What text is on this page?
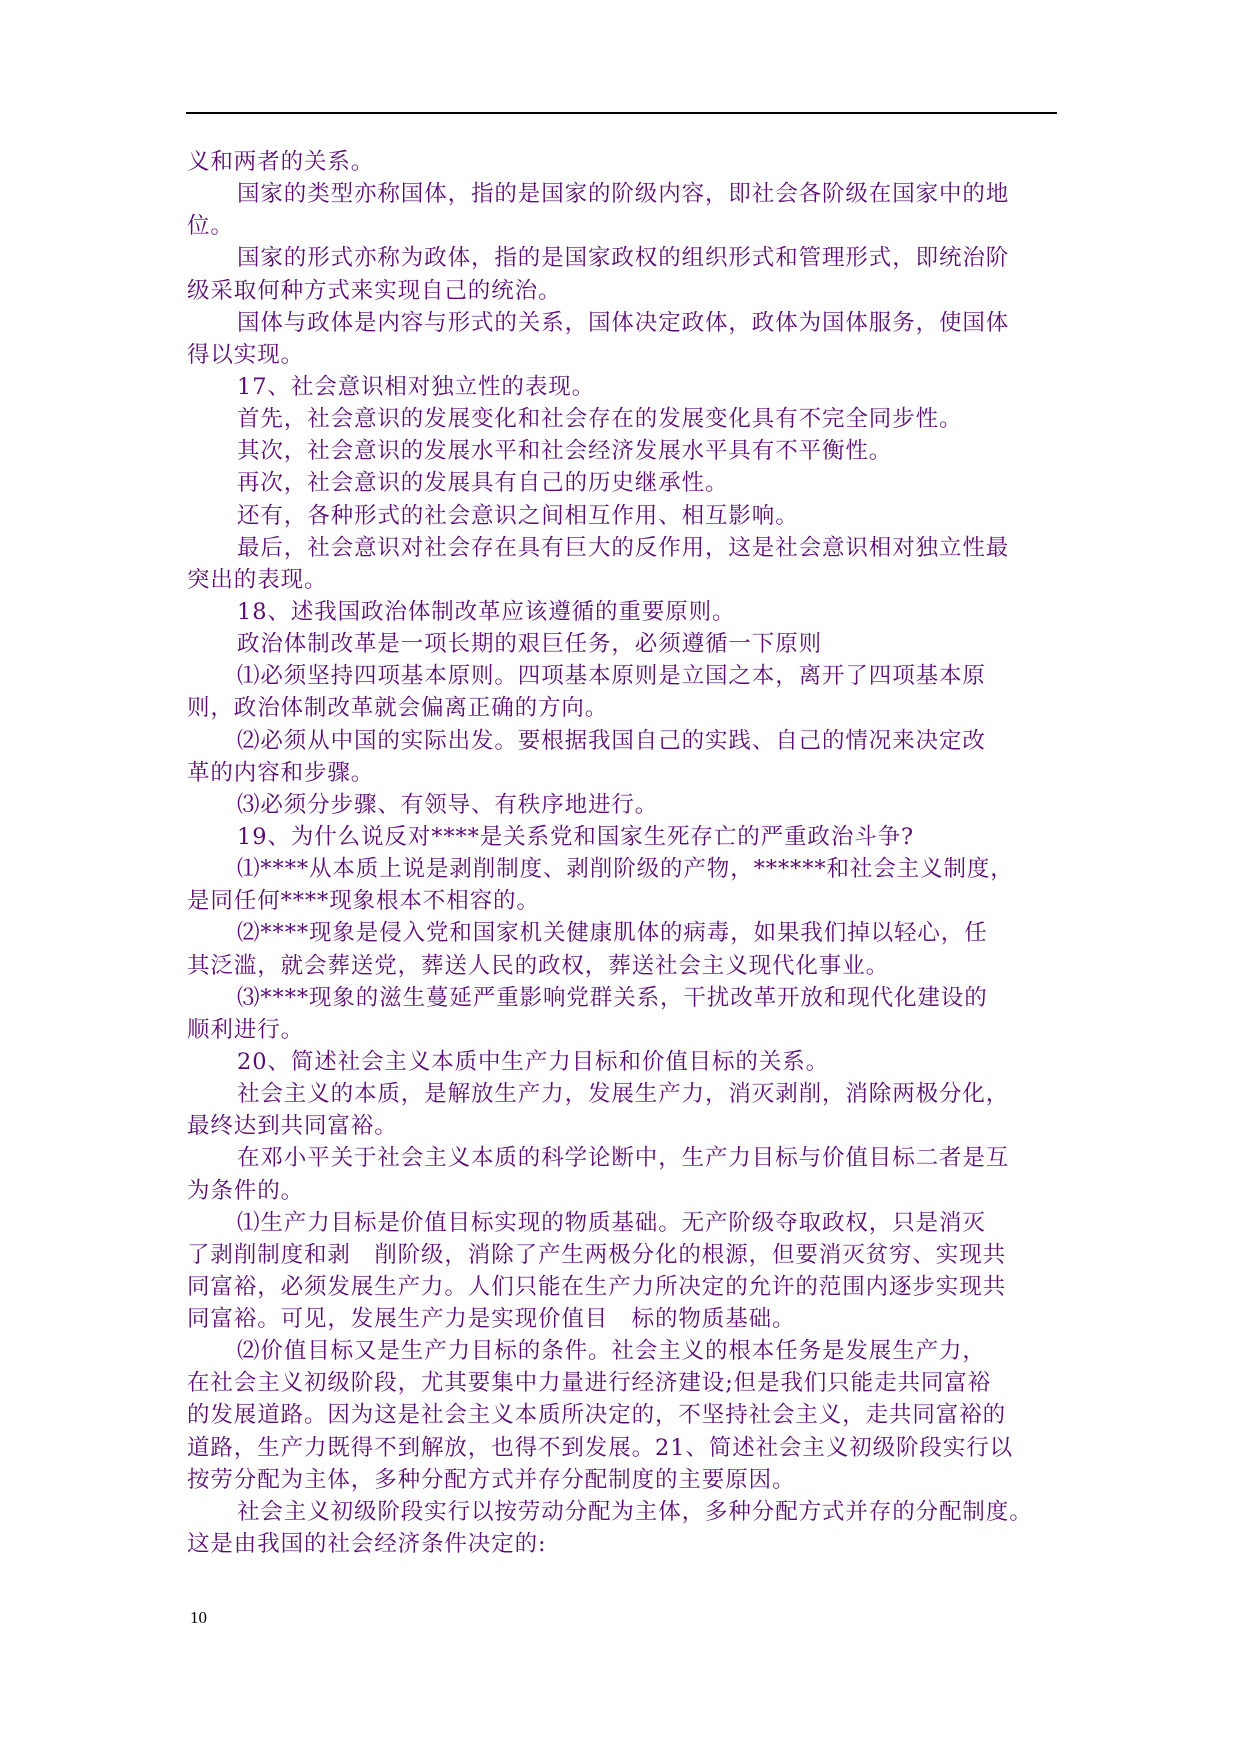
义和两者的关系。
国家的类型亦称国体，指的是国家的阶级内容，即社会各阶级在国家中的地
位。
国家的形式亦称为政体，指的是国家政权的组织形式和管理形式，即统治阶
级采取何种方式来实现自己的统治。
国体与政体是内容与形式的关系，国体决定政体，政体为国体服务，使国体
得以实现。
17、社会意识相对独立性的表现。
首先，社会意识的发展变化和社会存在的发展变化具有不完全同步性。
其次，社会意识的发展水平和社会经济发展水平具有不平衡性。
再次，社会意识的发展具有自己的历史继承性。
还有，各种形式的社会意识之间相互作用、相互影响。
最后，社会意识对社会存在具有巨大的反作用，这是社会意识相对独立性最
突出的表现。
18、述我国政治体制改革应该遵循的重要原则。
政治体制改革是一项长期的艰巨任务，必须遵循一下原则
⑴必须坚持四项基本原则。四项基本原则是立国之本，离开了四项基本原
则，政治体制改革就会偏离正确的方向。
⑵必须从中国的实际出发。要根据我国自己的实践、自己的情况来决定改
革的内容和步骤。
⑶必须分步骤、有领导、有秩序地进行。
19、为什么说反对****是关系党和国家生死存亡的严重政治斗争?
⑴****从本质上说是剥削制度、剥削阶级的产物，******和社会主义制度，
是同任何****现象根本不相容的。
⑵****现象是侵入党和国家机关健康肌体的病毒，如果我们掉以轻心，任
其泛滥，就会葬送党，葬送人民的政权，葬送社会主义现代化事业。
⑶****现象的滋生蔓延严重影响党群关系，干扰改革开放和现代化建设的
顺利进行。
20、简述社会主义本质中生产力目标和价值目标的关系。
社会主义的本质，是解放生产力，发展生产力，消灭剥削，消除两极分化，
最终达到共同富裕。
在邓小平关于社会主义本质的科学论断中，生产力目标与价值目标二者是互
为条件的。
⑴生产力目标是价值目标实现的物质基础。无产阶级夺取政权，只是消灭
了剥削制度和剥　削阶级，消除了产生两极分化的根源，但要消灭贫穷、实现共
同富裕，必须发展生产力。人们只能在生产力所决定的允许的范围内逐步实现共
同富裕。可见，发展生产力是实现价值目　标的物质基础。
⑵价值目标又是生产力目标的条件。社会主义的根本任务是发展生产力，
在社会主义初级阶段，尤其要集中力量进行经济建设;但是我们只能走共同富裕
的发展道路。因为这是社会主义本质所决定的，不坚持社会主义，走共同富裕的
道路，生产力既得不到解放，也得不到发展。21、简述社会主义初级阶段实行以
按劳分配为主体，多种分配方式并存分配制度的主要原因。
社会主义初级阶段实行以按劳动分配为主体，多种分配方式并存的分配制度。
这是由我国的社会经济条件决定的:
10
